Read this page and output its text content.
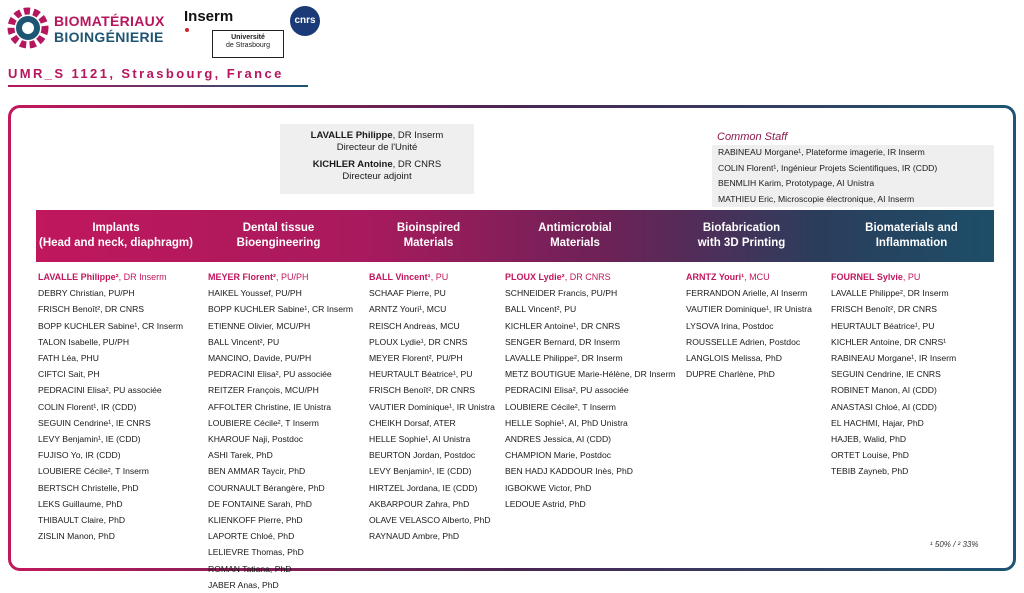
BIOMATÉRIAUX
BIOINGÉNIERIE
Inserm
Université
de Strasbourg
cnrs
UMR_S 1121, Strasbourg, France
LAVALLE Philippe, DR Inserm
Directeur de l'Unité
KICHLER Antoine, DR CNRS
Directeur adjoint
Common Staff
RABINEAU Morgane¹, Plateforme imagerie, IR Inserm
COLIN Florent¹, Ingénieur Projets Scientifiques, IR (CDD)
BENMLIH Karim, Prototypage, AI Unistra
MATHIEU Eric, Microscopie électronique, AI Inserm
Implants
(Head and neck, diaphragm)
Dental tissue
Bioengineering
Bioinspired
Materials
Antimicrobial
Materials
Biofabrication
with 3D Printing
Biomaterials and
Inflammation
LAVALLE Philippe², DR Inserm
DEBRY Christian, PU/PH
FRISCH Benoît², DR CNRS
BOPP KUCHLER Sabine¹, CR Inserm
TALON Isabelle, PU/PH
FATH Léa, PHU
CIFTCI Sait, PH
PEDRACINI Elisa², PU associée
COLIN Florent¹, IR (CDD)
SEGUIN Cendrine¹, IE CNRS
LEVY Benjamin¹, IE (CDD)
FUJISO Yo, IR (CDD)
LOUBIERE Cécile², T Inserm
BERTSCH Christelle, PhD
LEKS Guillaume, PhD
THIBAULT Claire, PhD
ZISLIN Manon, PhD
MEYER Florent², PU/PH
HAIKEL Youssef, PU/PH
BOPP KUCHLER Sabine¹, CR Inserm
ETIENNE Olivier, MCU/PH
BALL Vincent², PU
MANCINO, Davide, PU/PH
PEDRACINI Elisa², PU associée
REITZER François, MCU/PH
AFFOLTER Christine, IE Unistra
LOUBIERE Cécile², T Inserm
KHAROUF Naji, Postdoc
ASHI Tarek, PhD
BEN AMMAR Taycir, PhD
COURNAULT Bérangère, PhD
DE FONTAINE Sarah, PhD
KLIENKOFF Pierre, PhD
LAPORTE Chloé, PhD
LELIEVRE Thomas, PhD
ROMAN Tatiana, PhD
JABER Anas, PhD
BALL Vincent¹, PU
SCHAAF Pierre, PU
ARNTZ Youri¹, MCU
REISCH Andreas, MCU
PLOUX Lydie¹, DR CNRS
MEYER Florent², PU/PH
HEURTAULT Béatrice¹, PU
FRISCH Benoît², DR CNRS
VAUTIER Dominique¹, IR Unistra
CHEIKH Dorsaf, ATER
HELLE Sophie¹, AI Unistra
BEURTON Jordan, Postdoc
LEVY Benjamin¹, IE (CDD)
HIRTZEL Jordana, IE (CDD)
AKBARPOUR Zahra, PhD
OLAVE VELASCO Alberto, PhD
RAYNAUD Ambre, PhD
PLOUX Lydie², DR CNRS
SCHNEIDER Francis, PU/PH
BALL Vincent², PU
KICHLER Antoine¹, DR CNRS
SENGER Bernard, DR Inserm
LAVALLE Philippe², DR Inserm
METZ BOUTIGUE Marie-Hélène, DR Inserm
PEDRACINI Elisa², PU associée
LOUBIERE Cécile², T Inserm
HELLE Sophie¹, AI, PhD Unistra
ANDRES Jessica, AI (CDD)
CHAMPION Marie, Postdoc
BEN HADJ KADDOUR Inès, PhD
IGBOKWE Victor, PhD
LEDOUE Astrid, PhD
ARNTZ Youri¹, MCU
FERRANDON Arielle, AI Inserm
VAUTIER Dominique¹, IR Unistra
LYSOVA Irina, Postdoc
ROUSSELLE Adrien, Postdoc
LANGLOIS Melissa, PhD
DUPRE Charlène, PhD
FOURNEL Sylvie, PU
LAVALLE Philippe², DR Inserm
FRISCH Benoît², DR CNRS
HEURTAULT Béatrice¹, PU
KICHLER Antoine, DR CNRS¹
RABINEAU Morgane¹, IR Inserm
SEGUIN Cendrine, IE CNRS
ROBINET Manon, AI (CDD)
ANASTASI Chloé, AI (CDD)
EL HACHMI, Hajar, PhD
HAJEB, Walid, PhD
ORTET Louise, PhD
TEBIB Zayneb, PhD
¹ 50% / ² 33%
